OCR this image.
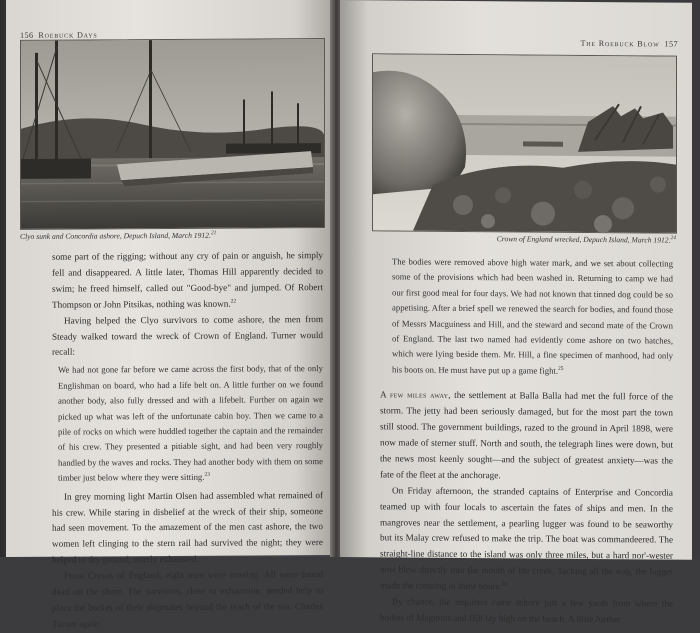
156 Roebuck Days
Clyo sunk and Concordia ashore, Depuch Island, March 1912.21

some part of the rigging; without any cry of pain or anguish, he simply fell and disappeared. A little later, Thomas Hill apparently decided to swim; he freed himself, called out "Good-bye" and jumped. Of Robert Thompson or John Pitsikas, nothing was known.$^{22}$

Having helped the Clyo survivors to come ashore, the men from Steady walked toward the wreck of Crown of England. Turner would recall:

We had not gone far before we came across the first body, that of the only Englishman on board, who had a life belt on. A little further on we found another body, also fully dressed and with a lifebelt. Further on again we picked up what was left of the unfortunate cabin boy. Then we came to a pile of rocks on which were huddled together the captain and the remainder of his crew. They presented a pitiable sight, and had been very roughly handled by the waves and rocks. They had another body with them on some timber just below where they were sitting.$^{23}$

In grey morning light Martin Olsen had assembled what remained of his crew. While staring in disbelief at the wreck of their ship, someone had seen movement. To the amazement of the men cast ashore, the two women left clinging to the stern rail had survived the night; they were helped to dry ground, utterly exhausted.

From Crown of England, eight men were missing. All were found dead on the shore. The survivors, close to exhaustion, needed help to place the bodies of their shipmates beyond the reach of the sea. Charles Turner again:

The Roebuck Blow 157
Crown of England wrecked, Depuch Island, March 1912.24
The bodies were removed above high water mark, and we set about collecting some of the provisions which had been washed in. Returning to camp we had our first good meal for four days. We had not known that tinned dog could be so appetising. After a brief spell we renewed the search for bodies, and found those of Messrs Macguiness and Hill, and the steward and second mate of the Crown of England. The last two named had evidently come ashore on two hatches, which were lying beside them. Mr. Hill, a fine specimen of manhood, had only his boots on. He must have put up a game fight.$^{25}$

A few miles away, the settlement at Balla Balla had met the full force of the storm. The jetty had been seriously damaged, but for the most part the town still stood. The government buildings, razed to the ground in April 1898, were now made of sterner stuff. North and south, the telegraph lines were down, but the news most keenly sought—and the subject of greatest anxiety—was the fate of the fleet at the anchorage.

On Friday afternoon, the stranded captains of Enterprise and Concordia teamed up with four locals to ascertain the fates of ships and men. In the mangroves near the settlement, a pearling lugger was found to be seaworthy but its Malay crew refused to make the trip. The boat was commandeered. The straight-line distance to the island was only three miles, but a hard nor'-wester now blew directly into the mouth of the creek. Tacking all the way, the lugger made the crossing in three hours.$^{26}$

By chance, the inquirers came ashore just a few yards from where the bodies of Maginnis and Hill lay high on the beach. A little further
